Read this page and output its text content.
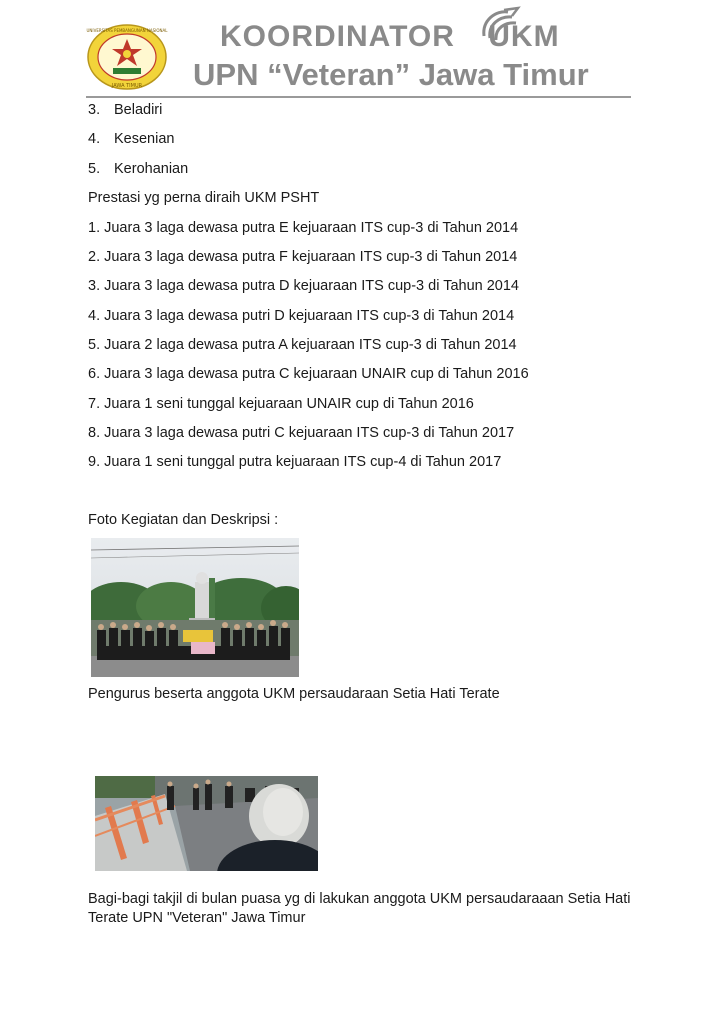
UNIVERSITAS PEMBANGUNAN NASIONAL
JAWA TIMUR
KOORDINATOR UKM
UPN “Veteran” Jawa Timur
3. Beladiri
4. Kesenian
5. Kerohanian
Prestasi yg perna diraih UKM PSHT
1. Juara 3 laga dewasa putra E kejuaraan ITS cup-3 di Tahun 2014
2. Juara 3 laga dewasa putra F kejuaraan ITS cup-3 di Tahun 2014
3. Juara 3 laga dewasa putra D kejuaraan ITS cup-3 di Tahun 2014
4. Juara 3 laga dewasa putri D kejuaraan ITS cup-3 di Tahun 2014
5. Juara 2 laga dewasa putra A kejuaraan ITS cup-3 di Tahun 2014
6. Juara 3 laga dewasa putra C kejuaraan UNAIR cup di Tahun 2016
7. Juara 1 seni tunggal kejuaraan UNAIR cup di Tahun 2016
8. Juara 3 laga dewasa putri C kejuaraan ITS cup-3 di Tahun 2017
9. Juara 1 seni tunggal putra kejuaraan ITS cup-4 di Tahun 2017
Foto Kegiatan dan Deskripsi :
Pengurus beserta anggota UKM persaudaraan Setia Hati Terate
Bagi-bagi takjil di bulan puasa yg di lakukan anggota UKM persaudaraaan Setia Hati
Terate UPN "Veteran" Jawa Timur
